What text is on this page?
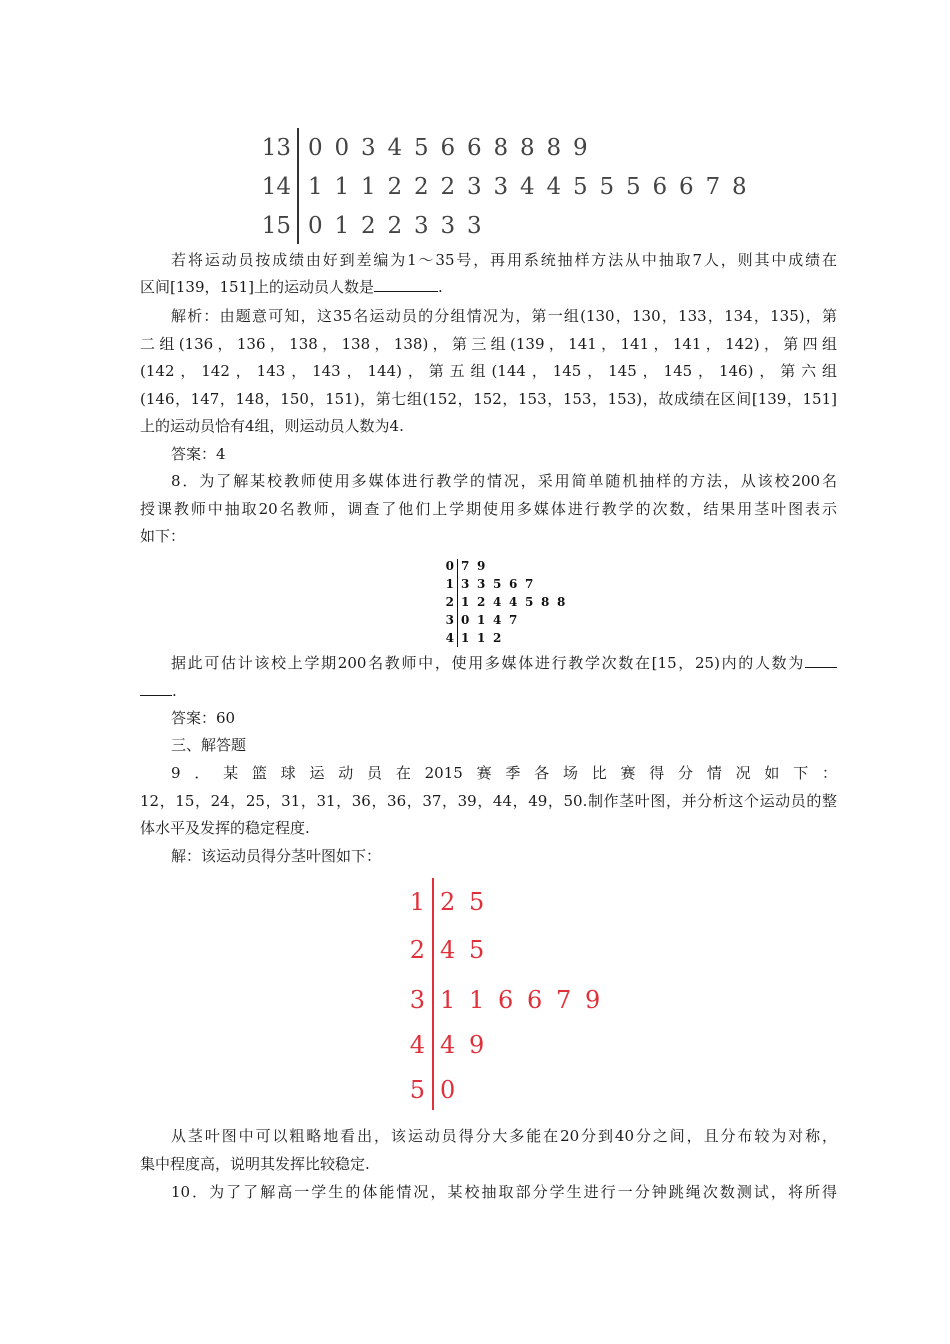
13 0 0 3 4 5 6 6 8 8 8 9
14 1 1 1 2 2 2 3 3 4 4 5 5 5 6 6 7 8
15 0 1 2 2 3 3 3
若将运动员按成绩由好到差编为1～35号，再用系统抽样方法从中抽取7人，则其中成绩在
区间[139，151]上的运动员人数是	.
解析：由题意可知，这35名运动员的分组情况为，第一组(130，130，133，134，135)，第
二组(136，136，138，138，138)，第三组(139，141，141，141，142)，第四组
(142，142，143，143，144)，第五组(144，145，145，145，146)，第六组
(146，147，148，150，151)，第七组(152，152，153，153，153)，故成绩在区间[139，151]
上的运动员恰有4组，则运动员人数为4.
答案：4
8．为了解某校教师使用多媒体进行教学的情况，采用简单随机抽样的方法，从该校200名
授课教师中抽取20名教师，调查了他们上学期使用多媒体进行教学的次数，结果用茎叶图表示
如下：
0 7 9
1 3 3 5 6 7
2 1 2 4 4 5 8 8
3 0 1 4 7
4 1 1 2
据此可估计该校上学期200名教师中，使用多媒体进行教学次数在[15，25)内的人数为
.
答案：60
三、解答题
9．某篮球运动员在2015赛季各场比赛得分情况如下：
12，15，24，25，31，31，36，36，37，39，44，49，50.制作茎叶图，并分析这个运动员的整
体水平及发挥的稳定程度.
解：该运动员得分茎叶图如下：
1 2 5
2 4 5
3 1 1 6 6 7 9
4 4 9
5 0
从茎叶图中可以粗略地看出，该运动员得分大多能在20分到40分之间，且分布较为对称，
集中程度高，说明其发挥比较稳定.
10．为了了解高一学生的体能情况，某校抽取部分学生进行一分钟跳绳次数测试，将所得
